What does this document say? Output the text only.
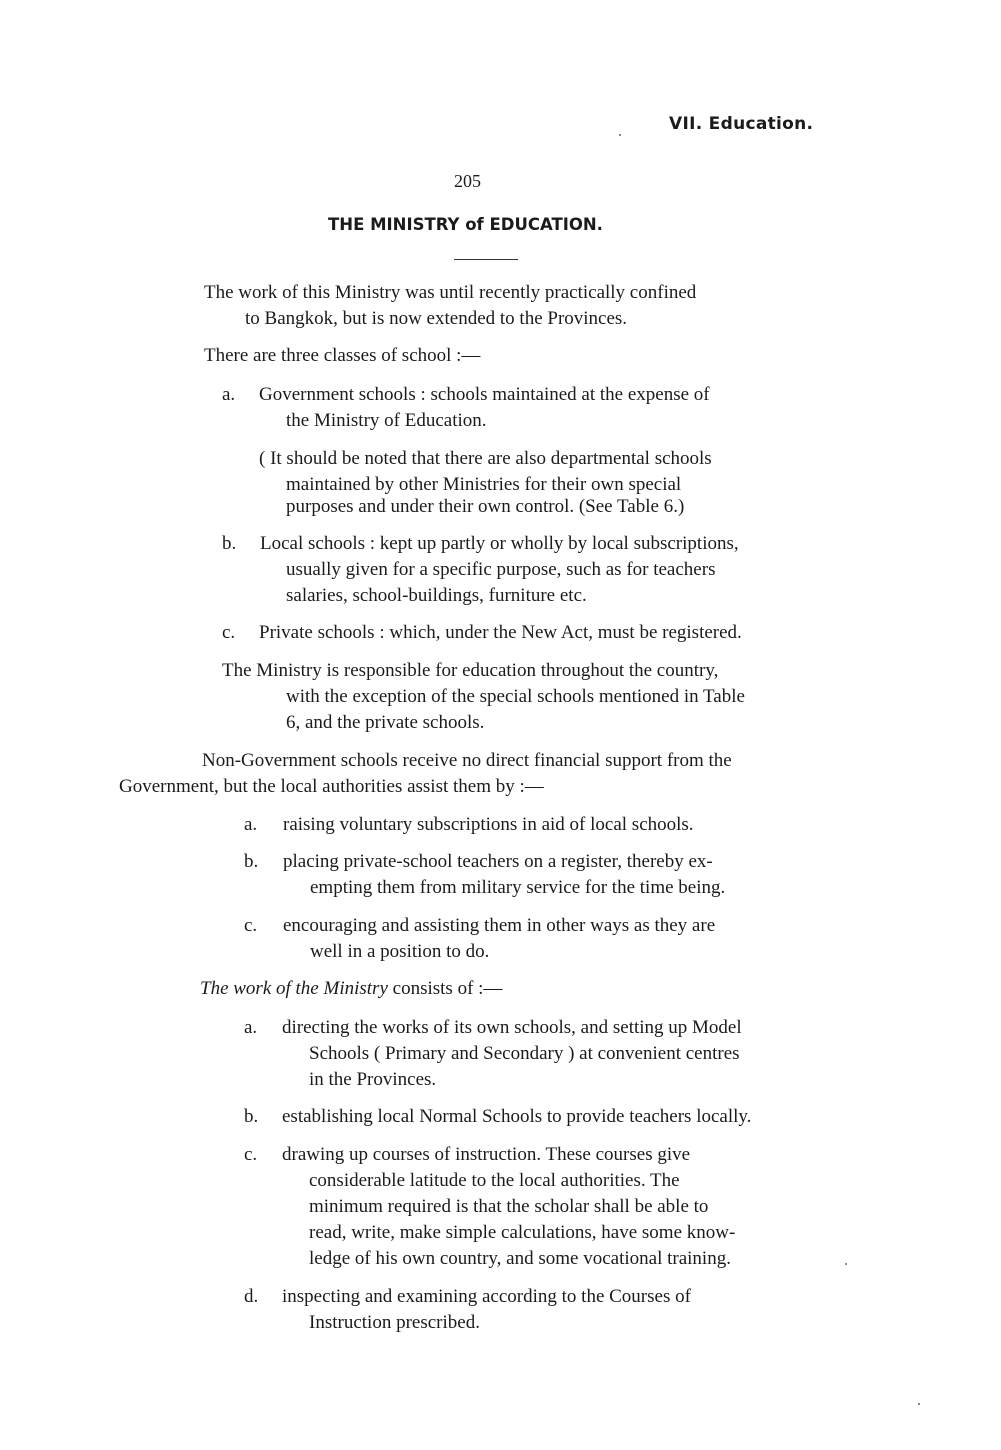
VII. Education.
205
THE MINISTRY of EDUCATION.
The work of this Ministry was until recently practically confined
to Bangkok, but is now extended to the Provinces.
There are three classes of school :—
a. Government schools : schools maintained at the expense of
the Ministry of Education.
( It should be noted that there are also departmental schools
maintained by other Ministries for their own special
purposes and under their own control. (See Table 6.)
b. Local schools : kept up partly or wholly by local subscriptions,
usually given for a specific purpose, such as for teachers
salaries, school-buildings, furniture etc.
c. Private schools : which, under the New Act, must be registered.
The Ministry is responsible for education throughout the country,
with the exception of the special schools mentioned in Table
6, and the private schools.
Non-Government schools receive no direct financial support from the
Government, but the local authorities assist them by :—
a. raising voluntary subscriptions in aid of local schools.
b. placing private-school teachers on a register, thereby ex-
empting them from military service for the time being.
c. encouraging and assisting them in other ways as they are
well in a position to do.
The work of the Ministry consists of :—
a. directing the works of its own schools, and setting up Model
Schools ( Primary and Secondary ) at convenient centres
in the Provinces.
b. establishing local Normal Schools to provide teachers locally.
c. drawing up courses of instruction. These courses give
considerable latitude to the local authorities. The
minimum required is that the scholar shall be able to
read, write, make simple calculations, have some know-
ledge of his own country, and some vocational training.
d. inspecting and examining according to the Courses of
Instruction prescribed.
